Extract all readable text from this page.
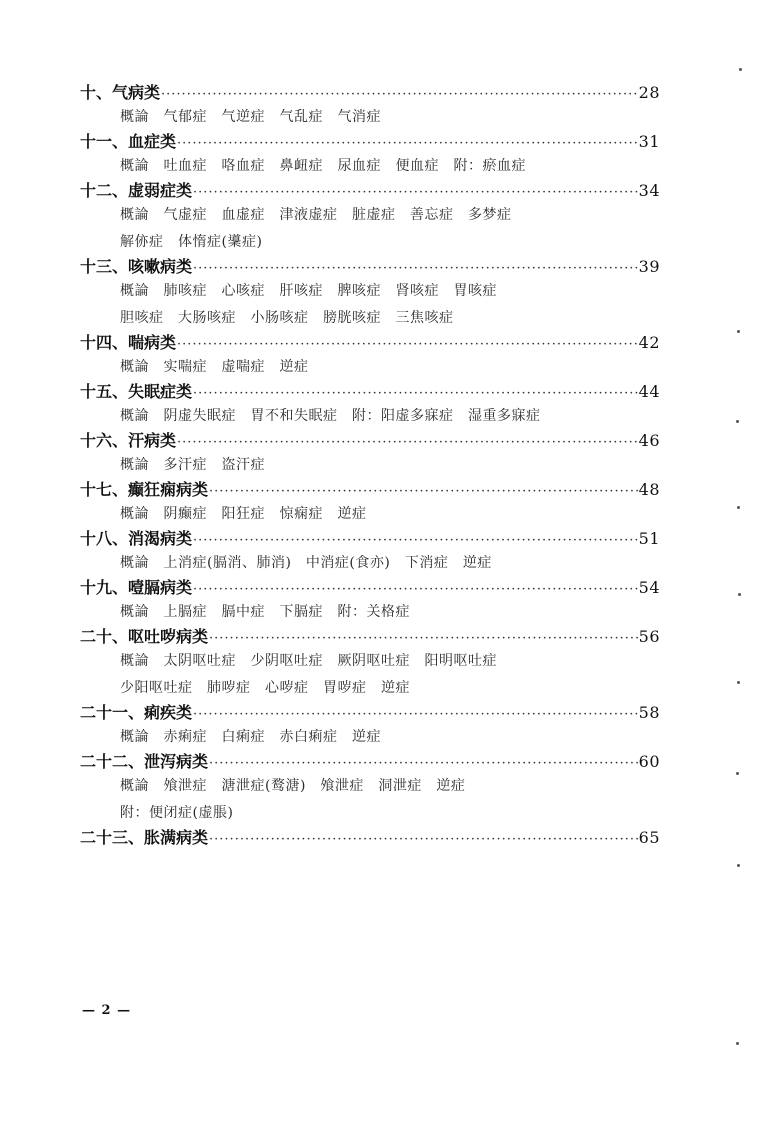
十、 气病类 ·····	28
概論　气郁症　气逆症　气乱症　气消症
十一、 血症类 ·····	31
概論　吐血症　咯血症　鼻衄症　尿血症　便血症　附：瘀血症
十二、 虚弱症类 ·····	34
概論　气虚症　血虚症　津液虚症　脏虚症　善忘症　多梦症
解㑊症　体惰症(䆃症)
十三、 咳嗽病类 ·····	39
概論　肺咳症　心咳症　肝咳症　脾咳症　肾咳症　胃咳症
胆咳症　大肠咳症　小肠咳症　膀胱咳症　三焦咳症
十四、 喘病类 ·····	42
概論　实喘症　虚喘症　逆症
十五、 失眠症类 ·····	44
概論　阴虚失眠症　胃不和失眠症　附：阳虚多寐症　湿重多寐症
十六、 汗病类 ·····	46
概論　多汗症　盗汗症
十七、 癫狂痫病类 ·····	48
概論　阴癫症　阳狂症　惊痫症　逆症
十八、 消渴病类 ·····	51
概論　上消症(膈消、肺消)　中消症(食亦)　下消症　逆症
十九、 噎膈病类 ·····	54
概論　上膈症　膈中症　下膈症　附：关格症
二十、 呕吐哕病类 ·····	56
概論　太阴呕吐症　少阴呕吐症　厥阴呕吐症　阳明呕吐症
少阳呕吐症　肺哕症　心哕症　胃哕症　逆症
二十一、 痢疾类 ·····	58
概論　赤痢症　白痢症　赤白痢症　逆症
二十二、 泄泻病类 ·····	60
概論　飧泄症　溏泄症(鹜溏)　飧泄症　洞泄症　逆症
附：便闭症(虚脹)
二十三、 胀满病类 ·····	65
— 2 —
